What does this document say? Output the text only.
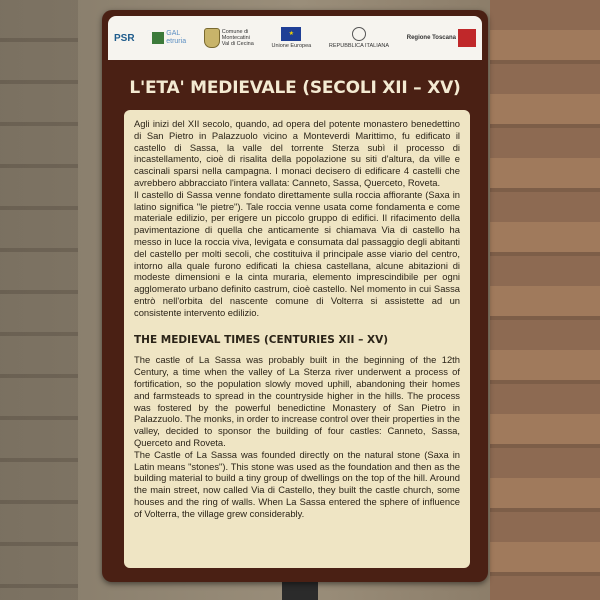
PSR	GAL
etruria
Comune di
Montecatini
Val di Cecina
★
Unione Europea	REPUBBLICA ITALIANA
Regione Toscana
L'ETA' MEDIEVALE (SECOLI XII – XV)

Agli inizi del XII secolo, quando, ad opera del potente monastero benedettino di San Pietro in Palazzuolo vicino a Monteverdi Marittimo, fu edificato il castello di Sassa, la valle del torrente Sterza subì il processo di incastellamento, cioè di risalita della popolazione su siti d'altura, da ville e cascinali sparsi nella campagna. I monaci decisero di edificare 4 castelli che avrebbero abbracciato l'intera vallata: Canneto, Sassa, Querceto, Roveta.

Il castello di Sassa venne fondato direttamente sulla roccia affiorante (Saxa in latino significa "le pietre"). Tale roccia venne usata come fondamenta e come materiale edilizio, per erigere un piccolo gruppo di edifici. Il rifacimento della pavimentazione di quella che anticamente si chiamava Via di castello ha messo in luce la roccia viva, levigata e consumata dal passaggio degli abitanti del castello per molti secoli, che costituiva il principale asse viario del centro, intorno alla quale furono edificati la chiesa castellana, alcune abitazioni di modeste dimensioni e la cinta muraria, elemento imprescindibile per ogni agglomerato urbano definito castrum, cioè castello. Nel momento in cui Sassa entrò nell'orbita del nascente comune di Volterra si assistette ad un consistente intervento edilizio.

THE MEDIEVAL TIMES (CENTURIES XII – XV)

The castle of La Sassa was probably built in the beginning of the 12th Century, a time when the valley of La Sterza river underwent a process of fortification, so the population slowly moved uphill, abandoning their homes and farmsteads to spread in the countryside higher in the hills. The process was fostered by the powerful benedictine Monastery of San Pietro in Palazzuolo. The monks, in order to increase control over their properties in the valley, decided to sponsor the building of four castles: Canneto, Sassa, Querceto and Roveta.

The Castle of La Sassa was founded directly on the natural stone (Saxa in Latin means "stones"). This stone was used as the foundation and then as the building material to build a tiny group of dwellings on the top of the hill. Around the main street, now called Via di Castello, they built the castle church, some houses and the ring of walls. When La Sassa entered the sphere of influence of Volterra, the village grew considerably.
